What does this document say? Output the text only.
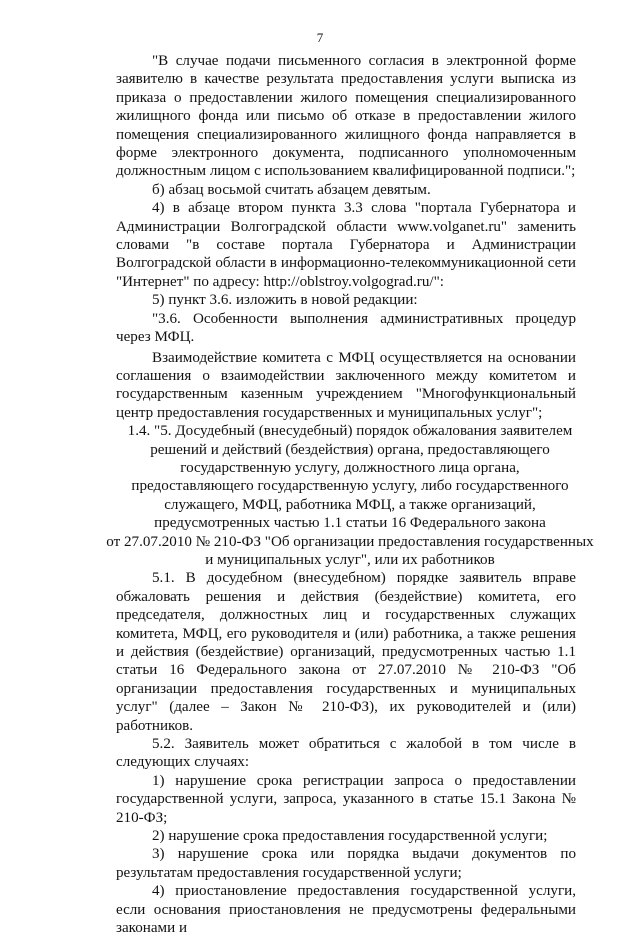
7

"В случае подачи письменного согласия в электронной форме заявителю в качестве результата предоставления услуги выписка из приказа о предоставлении жилого помещения специализированного жилищного фонда или письмо об отказе в предоставлении жилого помещения специализированного жилищного фонда направляется в форме электронного документа, подписанного уполномоченным должностным лицом с использованием квалифицированной подписи.";

б) абзац восьмой считать абзацем девятым.

4) в абзаце втором пункта 3.3 слова "портала Губернатора и Администрации Волгоградской области www.volganet.ru" заменить словами "в составе портала Губернатора и Администрации Волгоградской области в информационно-телекоммуникационной сети "Интернет" по адресу: http://oblstroy.volgograd.ru/":

5) пункт 3.6. изложить в новой редакции:

"3.6. Особенности выполнения административных процедур через МФЦ.

Взаимодействие комитета с МФЦ осуществляется на основании соглашения о взаимодействии заключенного между комитетом и государственным казенным учреждением "Многофункциональный центр предоставления государственных и муниципальных услуг";

1.4. "5. Досудебный (внесудебный) порядок обжалования заявителем
решений и действий (бездействия) органа, предоставляющего
государственную услугу, должностного лица органа,
предоставляющего государственную услугу, либо государственного
служащего, МФЦ, работника МФЦ, а также организаций,
предусмотренных частью 1.1 статьи 16 Федерального закона
от 27.07.2010 № 210-ФЗ "Об организации предоставления государственных
и муниципальных услуг", или их работников

5.1. В досудебном (внесудебном) порядке заявитель вправе обжаловать решения и действия (бездействие) комитета, его председателя, должностных лиц и государственных служащих комитета, МФЦ, его руководителя и (или) работника, а также решения и действия (бездействие) организаций, предусмотренных частью 1.1 статьи 16 Федерального закона от 27.07.2010 № 210-ФЗ "Об организации предоставления государственных и муниципальных услуг" (далее – Закон № 210-ФЗ), их руководителей и (или) работников.

5.2. Заявитель может обратиться с жалобой в том числе в следующих случаях:

1) нарушение срока регистрации запроса о предоставлении государственной услуги, запроса, указанного в статье 15.1 Закона № 210-ФЗ;

2) нарушение срока предоставления государственной услуги;

3) нарушение срока или порядка выдачи документов по результатам предоставления государственной услуги;

4) приостановление предоставления государственной услуги, если основания приостановления не предусмотрены федеральными законами и
